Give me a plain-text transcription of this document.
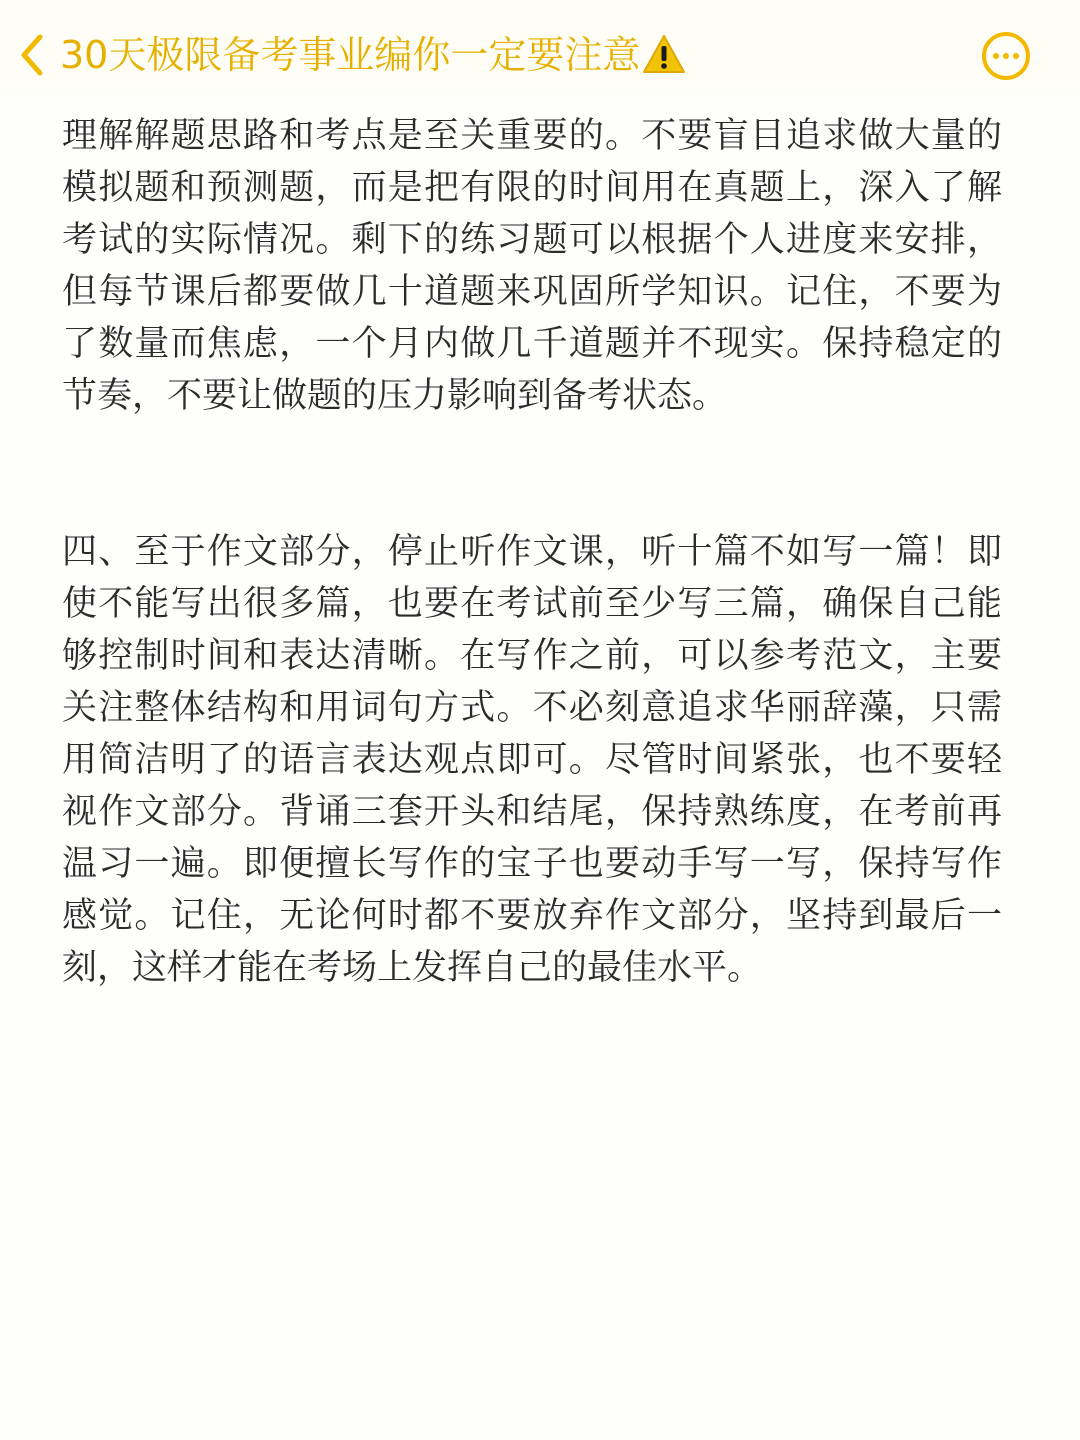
30天极限备考事业编你一定要注意

理解解题思路和考点是至关重要的。不要盲目追求做大量的模拟题和预测题，而是把有限的时间用在真题上，深入了解考试的实际情况。剩下的练习题可以根据个人进度来安排，但每节课后都要做几十道题来巩固所学知识。记住，不要为了数量而焦虑，一个月内做几千道题并不现实。保持稳定的节奏，不要让做题的压力影响到备考状态。

四、至于作文部分，停止听作文课，听十篇不如写一篇！即使不能写出很多篇，也要在考试前至少写三篇，确保自己能够控制时间和表达清晰。在写作之前，可以参考范文，主要关注整体结构和用词句方式。不必刻意追求华丽辞藻，只需用简洁明了的语言表达观点即可。尽管时间紧张，也不要轻视作文部分。背诵三套开头和结尾，保持熟练度，在考前再温习一遍。即便擅长写作的宝子也要动手写一写，保持写作感觉。记住，无论何时都不要放弃作文部分，坚持到最后一刻，这样才能在考场上发挥自己的最佳水平。
